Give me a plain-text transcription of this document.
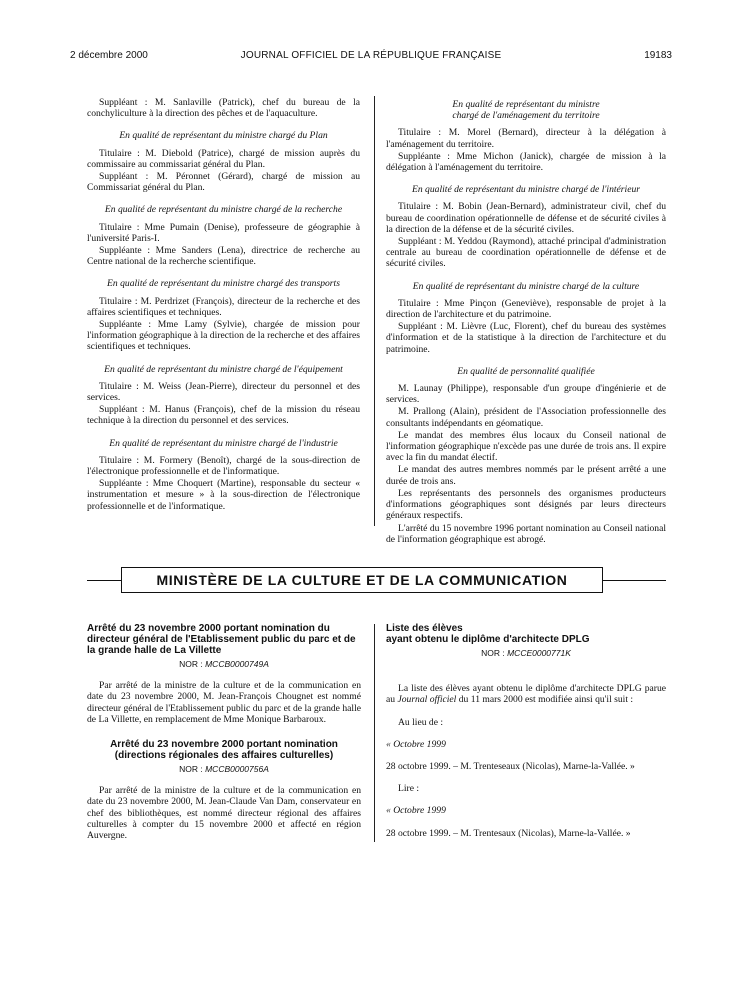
2 décembre 2000	JOURNAL OFFICIEL DE LA RÉPUBLIQUE FRANÇAISE	19183

Suppléant : M. Sanlaville (Patrick), chef du bureau de la conchyliculture à la direction des pêches et de l'aquaculture.

En qualité de représentant du ministre chargé du Plan

Titulaire : M. Diebold (Patrice), chargé de mission auprès du commissaire au commissariat général du Plan.

Suppléant : M. Péronnet (Gérard), chargé de mission au Commissariat général du Plan.

En qualité de représentant du ministre chargé de la recherche

Titulaire : Mme Pumain (Denise), professeure de géographie à l'université Paris-I.

Suppléante : Mme Sanders (Lena), directrice de recherche au Centre national de la recherche scientifique.

En qualité de représentant du ministre chargé des transports

Titulaire : M. Perdrizet (François), directeur de la recherche et des affaires scientifiques et techniques.

Suppléante : Mme Lamy (Sylvie), chargée de mission pour l'information géographique à la direction de la recherche et des affaires scientifiques et techniques.

En qualité de représentant du ministre chargé de l'équipement

Titulaire : M. Weiss (Jean-Pierre), directeur du personnel et des services.

Suppléant : M. Hanus (François), chef de la mission du réseau technique à la direction du personnel et des services.

En qualité de représentant du ministre chargé de l'industrie

Titulaire : M. Formery (Benoît), chargé de la sous-direction de l'électronique professionnelle et de l'informatique.

Suppléante : Mme Choquert (Martine), responsable du secteur « instrumentation et mesure » à la sous-direction de l'électronique professionnelle et de l'informatique.

En qualité de représentant du ministre
chargé de l'aménagement du territoire

Titulaire : M. Morel (Bernard), directeur à la délégation à l'aménagement du territoire.

Suppléante : Mme Michon (Janick), chargée de mission à la délégation à l'aménagement du territoire.

En qualité de représentant du ministre chargé de l'intérieur

Titulaire : M. Bobin (Jean-Bernard), administrateur civil, chef du bureau de coordination opérationnelle de défense et de sécurité civiles à la direction de la défense et de la sécurité civiles.

Suppléant : M. Yeddou (Raymond), attaché principal d'administration centrale au bureau de coordination opérationnelle de défense et de sécurité civiles.

En qualité de représentant du ministre chargé de la culture

Titulaire : Mme Pinçon (Geneviève), responsable de projet à la direction de l'architecture et du patrimoine.

Suppléant : M. Lièvre (Luc, Florent), chef du bureau des systèmes d'information et de la statistique à la direction de l'architecture et du patrimoine.

En qualité de personnalité qualifiée

M. Launay (Philippe), responsable d'un groupe d'ingénierie et de services.

M. Prallong (Alain), président de l'Association professionnelle des consultants indépendants en géomatique.

Le mandat des membres élus locaux du Conseil national de l'information géographique n'excède pas une durée de trois ans. Il expire avec la fin du mandat électif.

Le mandat des autres membres nommés par le présent arrêté a une durée de trois ans.

Les représentants des personnels des organismes producteurs d'informations géographiques sont désignés par leurs directeurs généraux respectifs.

L'arrêté du 15 novembre 1996 portant nomination au Conseil national de l'information géographique est abrogé.

MINISTÈRE DE LA CULTURE ET DE LA COMMUNICATION

Arrêté du 23 novembre 2000 portant nomination du directeur général de l'Etablissement public du parc et de la grande halle de La Villette

NOR : MCCB0000749A

Par arrêté de la ministre de la culture et de la communication en date du 23 novembre 2000, M. Jean-François Chougnet est nommé directeur général de l'Etablissement public du parc et de la grande halle de La Villette, en remplacement de Mme Monique Barbaroux.

Arrêté du 23 novembre 2000 portant nomination
(directions régionales des affaires culturelles)

NOR : MCCB0000756A

Par arrêté de la ministre de la culture et de la communication en date du 23 novembre 2000, M. Jean-Claude Van Dam, conservateur en chef des bibliothèques, est nommé directeur régional des affaires culturelles à compter du 15 novembre 2000 et affecté en région Auvergne.

Liste des élèves
ayant obtenu le diplôme d'architecte DPLG

NOR : MCCE0000771K

La liste des élèves ayant obtenu le diplôme d'architecte DPLG parue au Journal officiel du 11 mars 2000 est modifiée ainsi qu'il suit :

Au lieu de :

« Octobre 1999

28 octobre 1999. – M. Trenteseaux (Nicolas), Marne-la-Vallée. »

Lire :

« Octobre 1999

28 octobre 1999. – M. Trentesaux (Nicolas), Marne-la-Vallée. »
